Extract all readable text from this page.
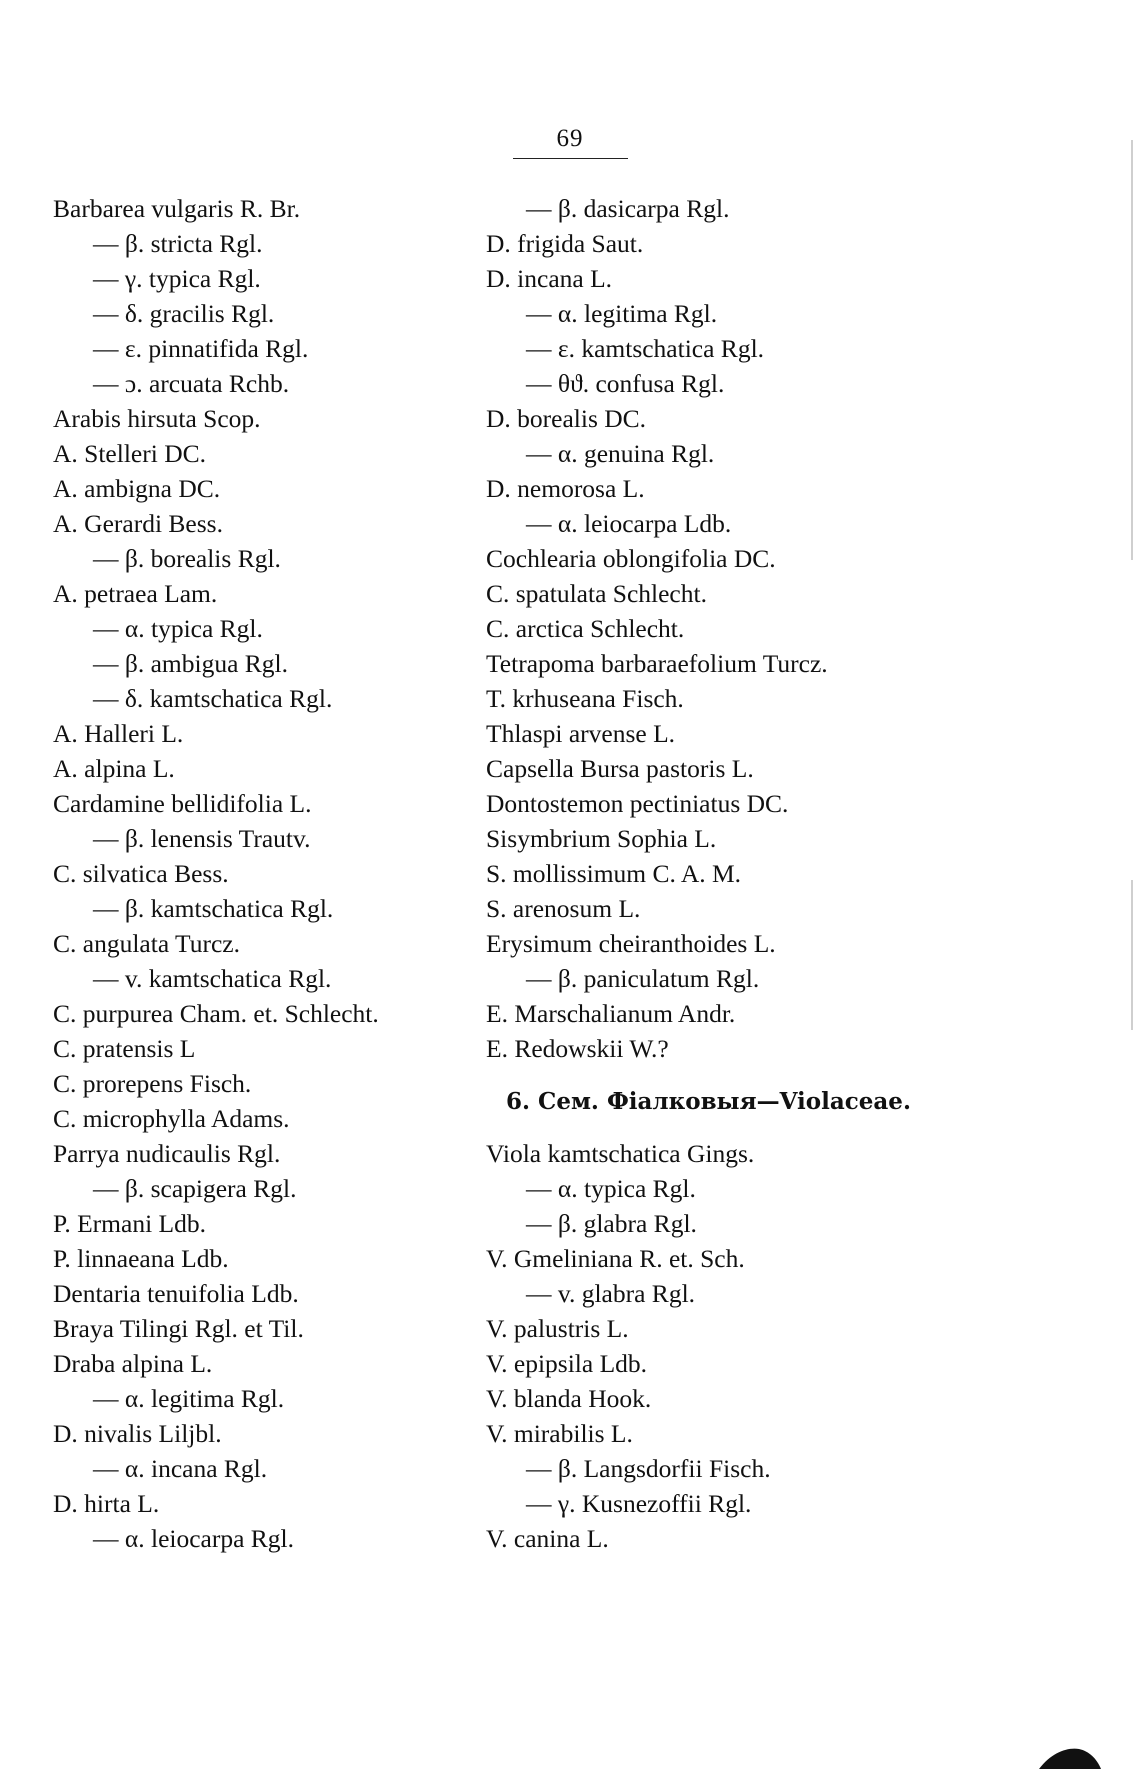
69
Barbarea vulgaris R. Br.
— β. stricta Rgl.
— γ. typica Rgl.
— δ. gracilis Rgl.
— ε. pinnatifida Rgl.
— ɔ. arcuata Rchb.
Arabis hirsuta Scop.
A. Stelleri DC.
A. ambigna DC.
A. Gerardi Bess.
— β. borealis Rgl.
A. petraea Lam.
— α. typica Rgl.
— β. ambigua Rgl.
— δ. kamtschatica Rgl.
A. Halleri L.
A. alpina L.
Cardamine bellidifolia L.
— β. lenensis Trautv.
C. silvatica Bess.
— β. kamtschatica Rgl.
C. angulata Turcz.
— v. kamtschatica Rgl.
C. purpurea Cham. et. Schlecht.
C. pratensis L
C. prorepens Fisch.
C. microphylla Adams.
Parrya nudicaulis Rgl.
— β. scapigera Rgl.
P. Ermani Ldb.
P. linnaeana Ldb.
Dentaria tenuifolia Ldb.
Braya Tilingi Rgl. et Til.
Draba alpina L.
— α. legitima Rgl.
D. nivalis Liljbl.
— α. incana Rgl.
D. hirta L.
— α. leiocarpa Rgl.
— β. dasicarpa Rgl.
D. frigida Saut.
D. incana L.
— α. legitima Rgl.
— ε. kamtschatica Rgl.
— θϑ. confusa Rgl.
D. borealis DC.
— α. genuina Rgl.
D. nemorosa L.
— α. leiocarpa Ldb.
Cochlearia oblongifolia DC.
C. spatulata Schlecht.
C. arctica Schlecht.
Tetrapoma barbaraefolium Turcz.
T. krhuseana Fisch.
Thlaspi arvense L.
Capsella Bursa pastoris L.
Dontostemon pectiniatus DC.
Sisymbrium Sophia L.
S. mollissimum C. A. M.
S. arenosum L.
Erysimum cheiranthoides L.
— β. paniculatum Rgl.
E. Marschalianum Andr.
E. Redowskii W.?
6. Сем. Фіалковыя—Violaceae.
Viola kamtschatica Gings.
— α. typica Rgl.
— β. glabra Rgl.
V. Gmeliniana R. et. Sch.
— v. glabra Rgl.
V. palustris L.
V. epipsila Ldb.
V. blanda Hook.
V. mirabilis L.
— β. Langsdorfii Fisch.
— γ. Kusnezoffii Rgl.
V. canina L.
